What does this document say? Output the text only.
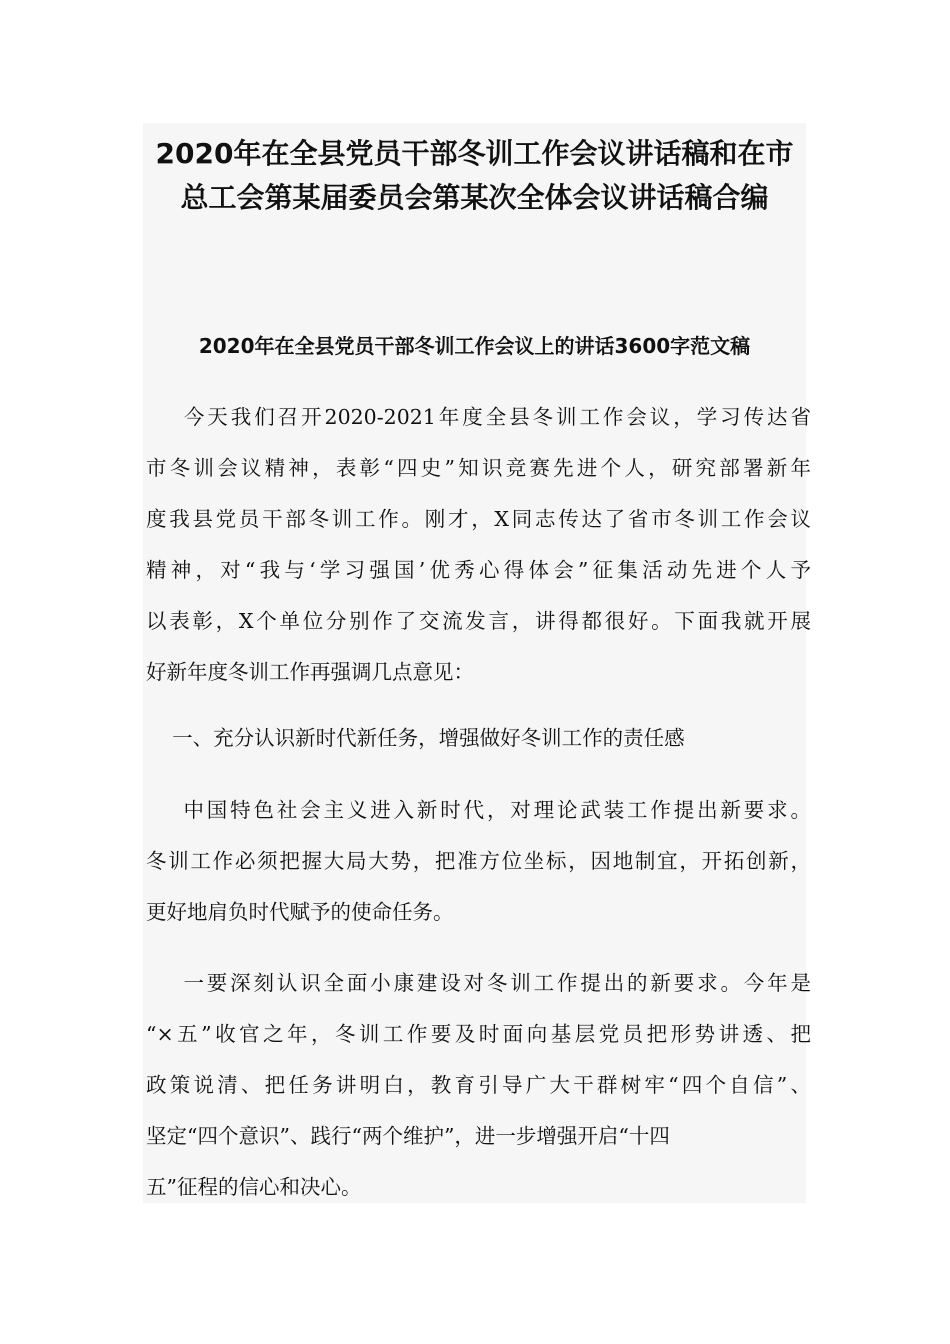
2020年在全县党员干部冬训工作会议讲话稿和在市
总工会第某届委员会第某次全体会议讲话稿合编
2020年在全县党员干部冬训工作会议上的讲话3600字范文稿
今天我们召开2020-2021年度全县冬训工作会议，学习传达省
市冬训会议精神，表彰“四史”知识竞赛先进个人，研究部署新年
度我县党员干部冬训工作。刚才，X同志传达了省市冬训工作会议
精神，对“我与‘学习强国’优秀心得体会”征集活动先进个人予
以表彰，X个单位分别作了交流发言，讲得都很好。下面我就开展
好新年度冬训工作再强调几点意见：
一、充分认识新时代新任务，增强做好冬训工作的责任感
中国特色社会主义进入新时代，对理论武装工作提出新要求。
冬训工作必须把握大局大势，把准方位坐标，因地制宜，开拓创新，
更好地肩负时代赋予的使命任务。
一要深刻认识全面小康建设对冬训工作提出的新要求。今年是
“×五”收官之年，冬训工作要及时面向基层党员把形势讲透、把
政策说清、把任务讲明白，教育引导广大干群树牢“四个自信”、
坚定“四个意识”、践行“两个维护”，进一步增强开启“十四
五”征程的信心和决心。
